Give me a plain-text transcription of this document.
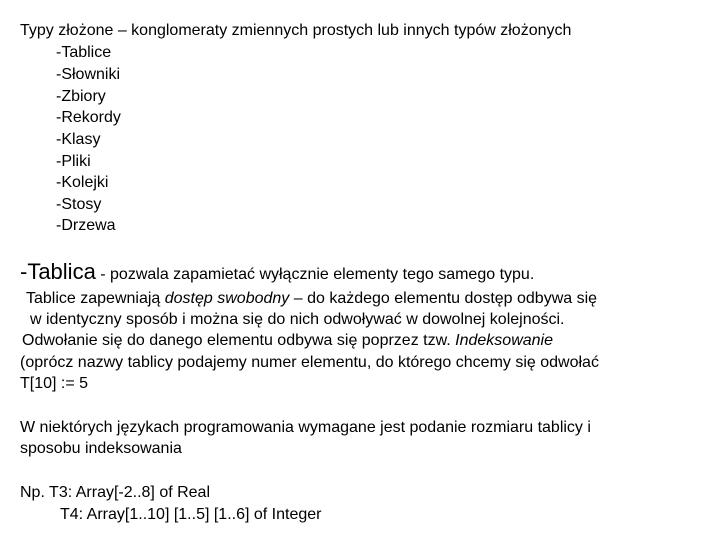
Typy złożone – konglomeraty zmiennych prostych lub innych typów złożonych
-Tablice
-Słowniki
-Zbiory
-Rekordy
-Klasy
-Pliki
-Kolejki
-Stosy
-Drzewa
-Tablica - pozwala zapamietać wyłącznie elementy tego samego typu.
Tablice zapewniają dostęp swobodny – do każdego elementu dostęp odbywa się
w identyczny sposób i można się do nich odwoływać w dowolnej kolejności.
Odwołanie się do danego elementu odbywa się poprzez tzw. Indeksowanie
(oprócz nazwy tablicy podajemy numer elementu, do którego chcemy się odwołać
T[10] := 5
W niektórych językach programowania wymagane jest podanie rozmiaru tablicy i
sposobu indeksowania
Np. T3: Array[-2..8] of Real
T4: Array[1..10] [1..5] [1..6] of Integer
